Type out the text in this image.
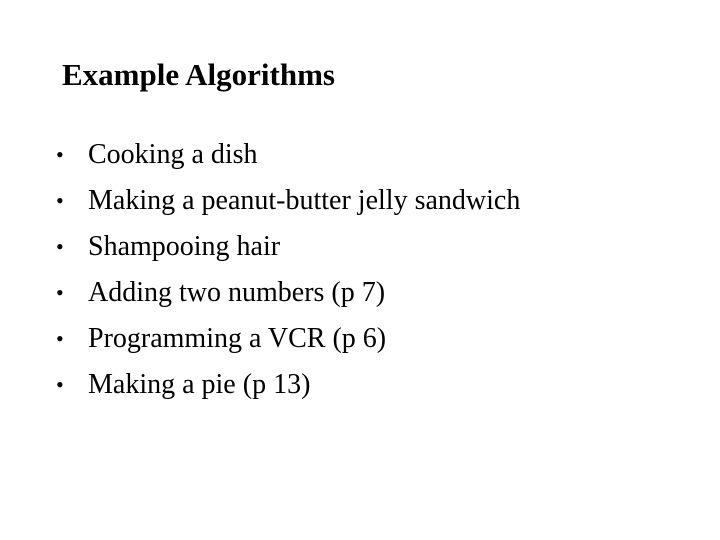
Example Algorithms
• Cooking a dish
• Making a peanut-butter jelly sandwich
• Shampooing hair
• Adding two numbers (p 7)
• Programming a VCR (p 6)
• Making a pie (p 13)
